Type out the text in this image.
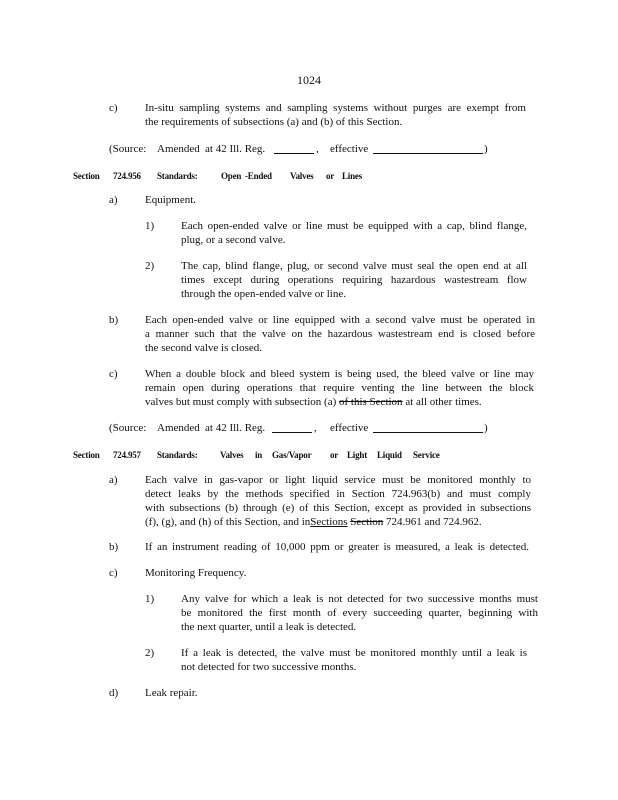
1024
c) In-situ sampling systems and sampling systems without purges are exempt from
the requirements of subsections (a) and (b) of this Section.
(Source: Amended at 42 Ill. Reg.	, effective	)
Section 724.956 Standards:	Open -Ended Valves or Lines
a) Equipment.
1) Each open-ended valve or line must be equipped with a cap, blind flange,
plug, or a second valve.
2) The cap, blind flange, plug, or second valve must seal the open end at all
times except during operations requiring hazardous wastestream flow
through the open-ended valve or line.
b) Each open-ended valve or line equipped with a second valve must be operated in
a manner such that the valve on the hazardous wastestream end is closed before
the second valve is closed.
c) When a double block and bleed system is being used, the bleed valve or line may
remain open during operations that require venting the line between the block
valves but must comply with subsection (a) of this Section at all other times.
(Source: Amended at 42 Ill. Reg.	, effective	)
Section 724.957 Standards: Valves in Gas/Vapor or Light Liquid Service
a) Each valve in gas-vapor or light liquid service must be monitored monthly to
detect leaks by the methods specified in Section 724.963(b) and must comply
with subsections (b) through (e) of this Section, except as provided in subsections
(f), (g), and (h) of this Section, and inSections Section 724.961 and 724.962.
b) If an instrument reading of 10,000 ppm or greater is measured, a leak is detected.
c) Monitoring Frequency.
1) Any valve for which a leak is not detected for two successive months must
be monitored the first month of every succeeding quarter, beginning with
the next quarter, until a leak is detected.
2) If a leak is detected, the valve must be monitored monthly until a leak is
not detected for two successive months.
d) Leak repair.
